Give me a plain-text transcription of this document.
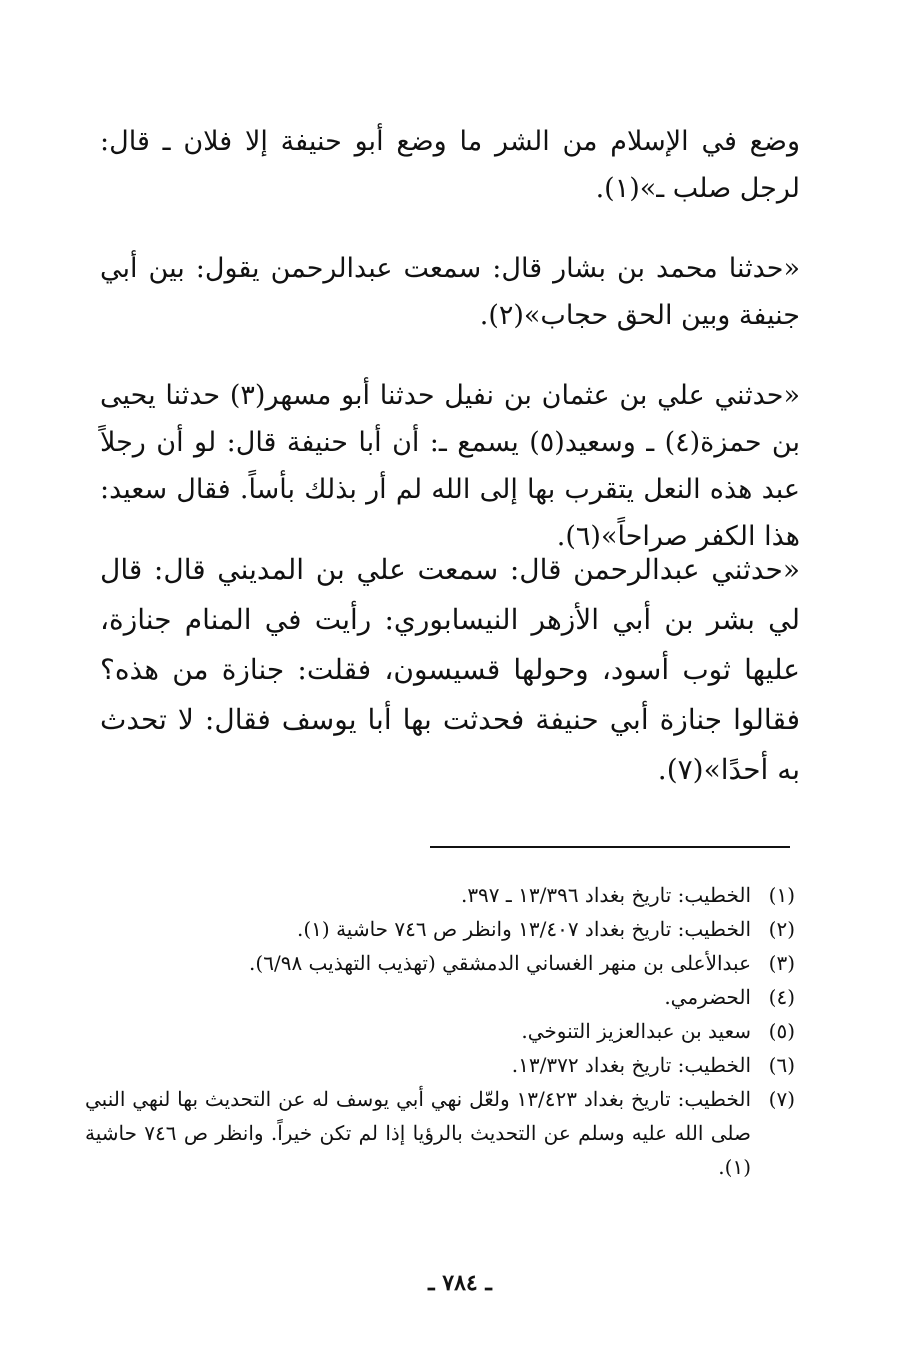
وضع في الإسلام من الشر ما وضع أبو حنيفة إلا فلان ـ قال: لرجل صلب ـ»(١).

«حدثنا محمد بن بشار قال: سمعت عبدالرحمن يقول: بين أبي جنيفة وبين الحق حجاب»(٢).

«حدثني علي بن عثمان بن نفيل حدثنا أبو مسهر(٣) حدثنا يحيى بن حمزة(٤) ـ وسعيد(٥) يسمع ـ: أن أبا حنيفة قال: لو أن رجلاً عبد هذه النعل يتقرب بها إلى الله لم أر بذلك بأساً. فقال سعيد: هذا الكفر صراحاً»(٦).

«حدثني عبدالرحمن قال: سمعت علي بن المديني قال: قال لي بشر بن أبي الأزهر النيسابوري: رأيت في المنام جنازة، عليها ثوب أسود، وحولها قسيسون، فقلت: جنازة من هذه؟ فقالوا جنازة أبي حنيفة فحدثت بها أبا يوسف فقال: لا تحدث به أحدًا»(٧).

(١)
الخطيب: تاريخ بغداد ١٣/٣٩٦ ـ ٣٩٧.
(٢)
الخطيب: تاريخ بغداد ١٣/٤٠٧ وانظر ص ٧٤٦ حاشية (١).
(٣)
عبدالأعلى بن منهر الغساني الدمشقي (تهذيب التهذيب ٦/٩٨).
(٤)
الحضرمي.
(٥)
سعيد بن عبدالعزيز التنوخي.
(٦)
الخطيب: تاريخ بغداد ١٣/٣٧٢.
(٧)
الخطيب: تاريخ بغداد ١٣/٤٢٣ ولعّل نهي أبي يوسف له عن التحديث بها لنهي النبي صلى الله عليه وسلم عن التحديث بالرؤيا إذا لم تكن خيراً. وانظر ص ٧٤٦ حاشية (١).
ـ ٧٨٤ ـ
